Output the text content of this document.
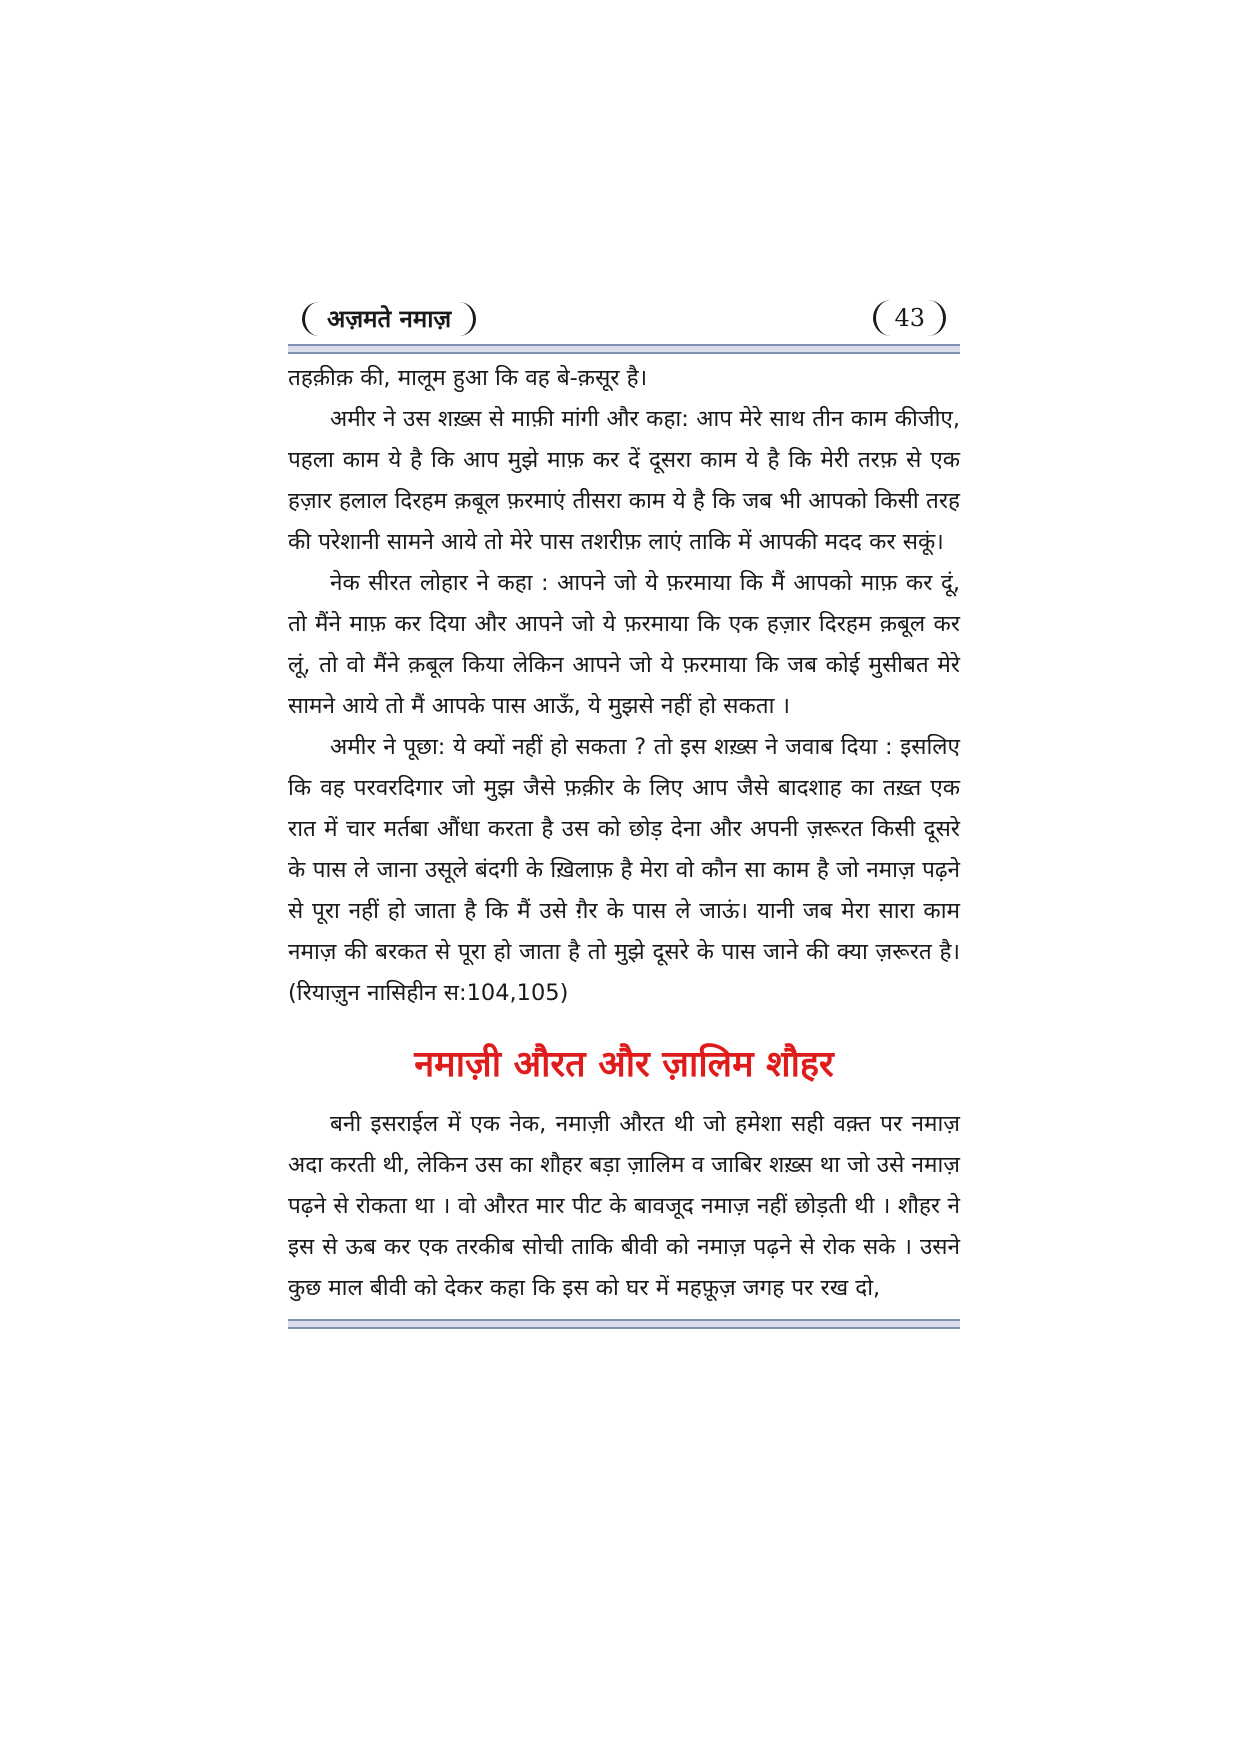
अज़मते नमाज़	43

तहक़ीक़ की, मालूम हुआ कि वह बे-क़सूर है।

अमीर ने उस शख़्स से माफ़ी मांगी और कहा: आप मेरे साथ तीन काम कीजीए, पहला काम ये है कि आप मुझे माफ़ कर दें दूसरा काम ये है कि मेरी तरफ़ से एक हज़ार हलाल दिरहम क़बूल फ़रमाएं तीसरा काम ये है कि जब भी आपको किसी तरह की परेशानी सामने आये तो मेरे पास तशरीफ़ लाएं ताकि में आपकी मदद कर सकूं।

नेक सीरत लोहार ने कहा : आपने जो ये फ़रमाया कि मैं आपको माफ़ कर दूं, तो मैंने माफ़ कर दिया और आपने जो ये फ़रमाया कि एक हज़ार दिरहम क़बूल कर लूं, तो वो मैंने क़बूल किया लेकिन आपने जो ये फ़रमाया कि जब कोई मुसीबत मेरे सामने आये तो मैं आपके पास आऊँ, ये मुझसे नहीं हो सकता ।

अमीर ने पूछा: ये क्यों नहीं हो सकता ? तो इस शख़्स ने जवाब दिया : इसलिए कि वह परवरदिगार जो मुझ जैसे फ़क़ीर के लिए आप जैसे बादशाह का तख़्त एक रात में चार मर्तबा औंधा करता है उस को छोड़ देना और अपनी ज़रूरत किसी दूसरे के पास ले जाना उसूले बंदगी के ख़िलाफ़ है मेरा वो कौन सा काम है जो नमाज़ पढ़ने से पूरा नहीं हो जाता है कि मैं उसे ग़ैर के पास ले जाऊं। यानी जब मेरा सारा काम नमाज़ की बरकत से पूरा हो जाता है तो मुझे दूसरे के पास जाने की क्या ज़रूरत है। (रियाज़ुन नासिहीन स:104,105)

नमाज़ी औरत और ज़ालिम शौहर

बनी इसराईल में एक नेक, नमाज़ी औरत थी जो हमेशा सही वक़्त पर नमाज़ अदा करती थी, लेकिन उस का शौहर बड़ा ज़ालिम व जाबिर शख़्स था जो उसे नमाज़ पढ़ने से रोकता था । वो औरत मार पीट के बावजूद नमाज़ नहीं छोड़ती थी । शौहर ने इस से ऊब कर एक तरकीब सोची ताकि बीवी को नमाज़ पढ़ने से रोक सके । उसने कुछ माल बीवी को देकर कहा कि इस को घर में महफ़ूज़ जगह पर रख दो,
